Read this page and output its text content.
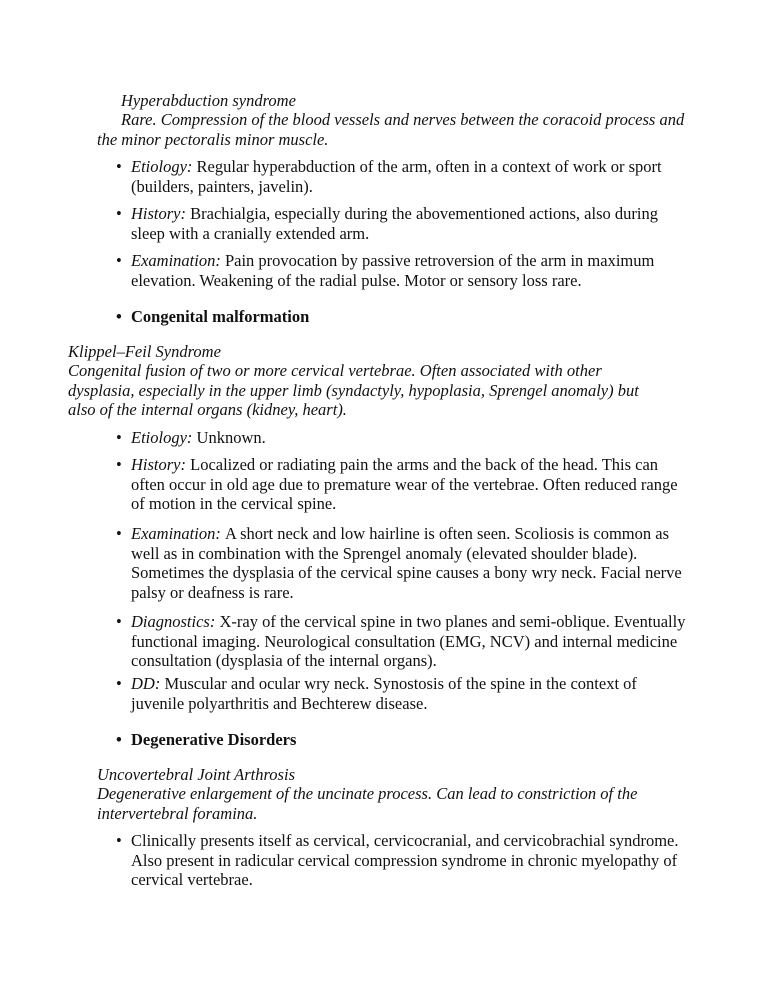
Hyperabduction syndrome

Rare. Compression of the blood vessels and nerves between the coracoid process and the minor pectoralis minor muscle.

• Etiology: Regular hyperabduction of the arm, often in a context of work or sport (builders, painters, javelin).
• History: Brachialgia, especially during the abovementioned actions, also during sleep with a cranially extended arm.
• Examination: Pain provocation by passive retroversion of the arm in maximum elevation. Weakening of the radial pulse. Motor or sensory loss rare.
• Congenital malformation
Klippel–Feil Syndrome

Congenital fusion of two or more cervical vertebrae. Often associated with other dysplasia, especially in the upper limb (syndactyly, hypoplasia, Sprengel anomaly) but also of the internal organs (kidney, heart).

• Etiology: Unknown.
• History: Localized or radiating pain the arms and the back of the head. This can often occur in old age due to premature wear of the vertebrae. Often reduced range of motion in the cervical spine.
• Examination: A short neck and low hairline is often seen. Scoliosis is common as well as in combination with the Sprengel anomaly (elevated shoulder blade). Sometimes the dysplasia of the cervical spine causes a bony wry neck. Facial nerve palsy or deafness is rare.
• Diagnostics: X-ray of the cervical spine in two planes and semi-oblique. Eventually functional imaging. Neurological consultation (EMG, NCV) and internal medicine consultation (dysplasia of the internal organs).
• DD: Muscular and ocular wry neck. Synostosis of the spine in the context of juvenile polyarthritis and Bechterew disease.
• Degenerative Disorders
Uncovertebral Joint Arthrosis

Degenerative enlargement of the uncinate process. Can lead to constriction of the intervertebral foramina.

• Clinically presents itself as cervical, cervicocranial, and cervicobrachial syndrome. Also present in radicular cervical compression syndrome in chronic myelopathy of cervical vertebrae.
